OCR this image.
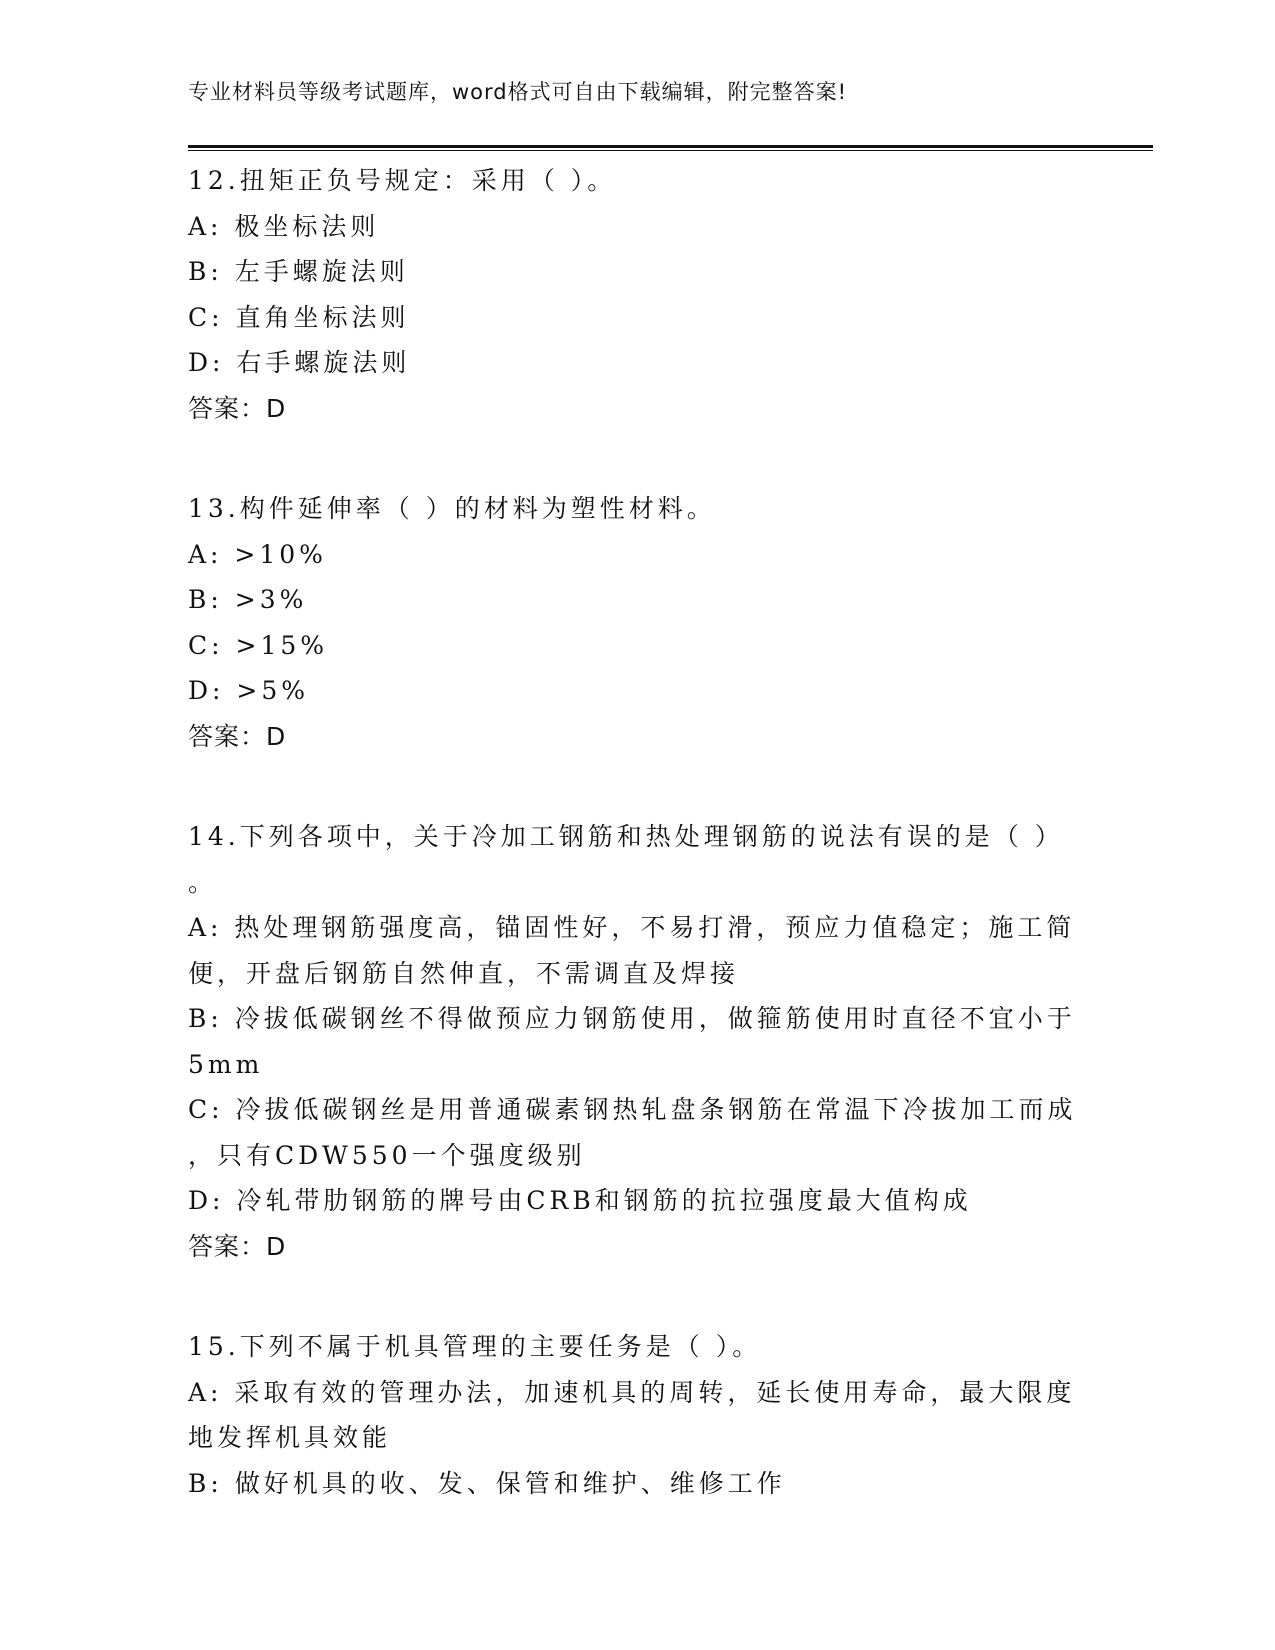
专业材料员等级考试题库，word格式可自由下载编辑，附完整答案!
12.扭矩正负号规定：采用（ ）。
A: 极坐标法则
B: 左手螺旋法则
C: 直角坐标法则
D: 右手螺旋法则
答案：D
13.构件延伸率（ ）的材料为塑性材料。
A: >10%
B: >3%
C: >15%
D: >5%
答案：D
14.下列各项中，关于冷加工钢筋和热处理钢筋的说法有误的是（ ）
。
A: 热处理钢筋强度高，锚固性好，不易打滑，预应力值稳定；施工简
便，开盘后钢筋自然伸直，不需调直及焊接
B: 冷拔低碳钢丝不得做预应力钢筋使用，做箍筋使用时直径不宜小于
5mm
C: 冷拔低碳钢丝是用普通碳素钢热轧盘条钢筋在常温下冷拔加工而成
，只有CDW550一个强度级别
D: 冷轧带肋钢筋的牌号由CRB和钢筋的抗拉强度最大值构成
答案：D
15.下列不属于机具管理的主要任务是（ ）。
A: 采取有效的管理办法，加速机具的周转，延长使用寿命，最大限度
地发挥机具效能
B: 做好机具的收、发、保管和维护、维修工作
